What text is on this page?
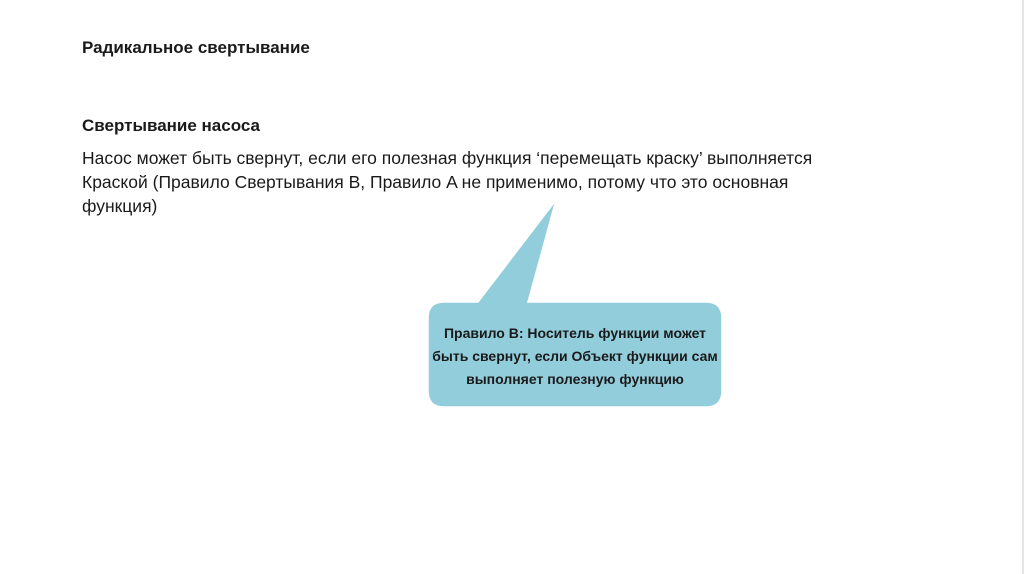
Радикальное свертывание
Свертывание насоса

Насос может быть свернут, если его полезная функция ‘перемещать краску’ выполняется Краской (Правило Свертывания B, Правило A не применимо, потому что это основная функция)

Правило B: Носитель функции может быть свернут, если Объект функции сам выполняет полезную функцию
